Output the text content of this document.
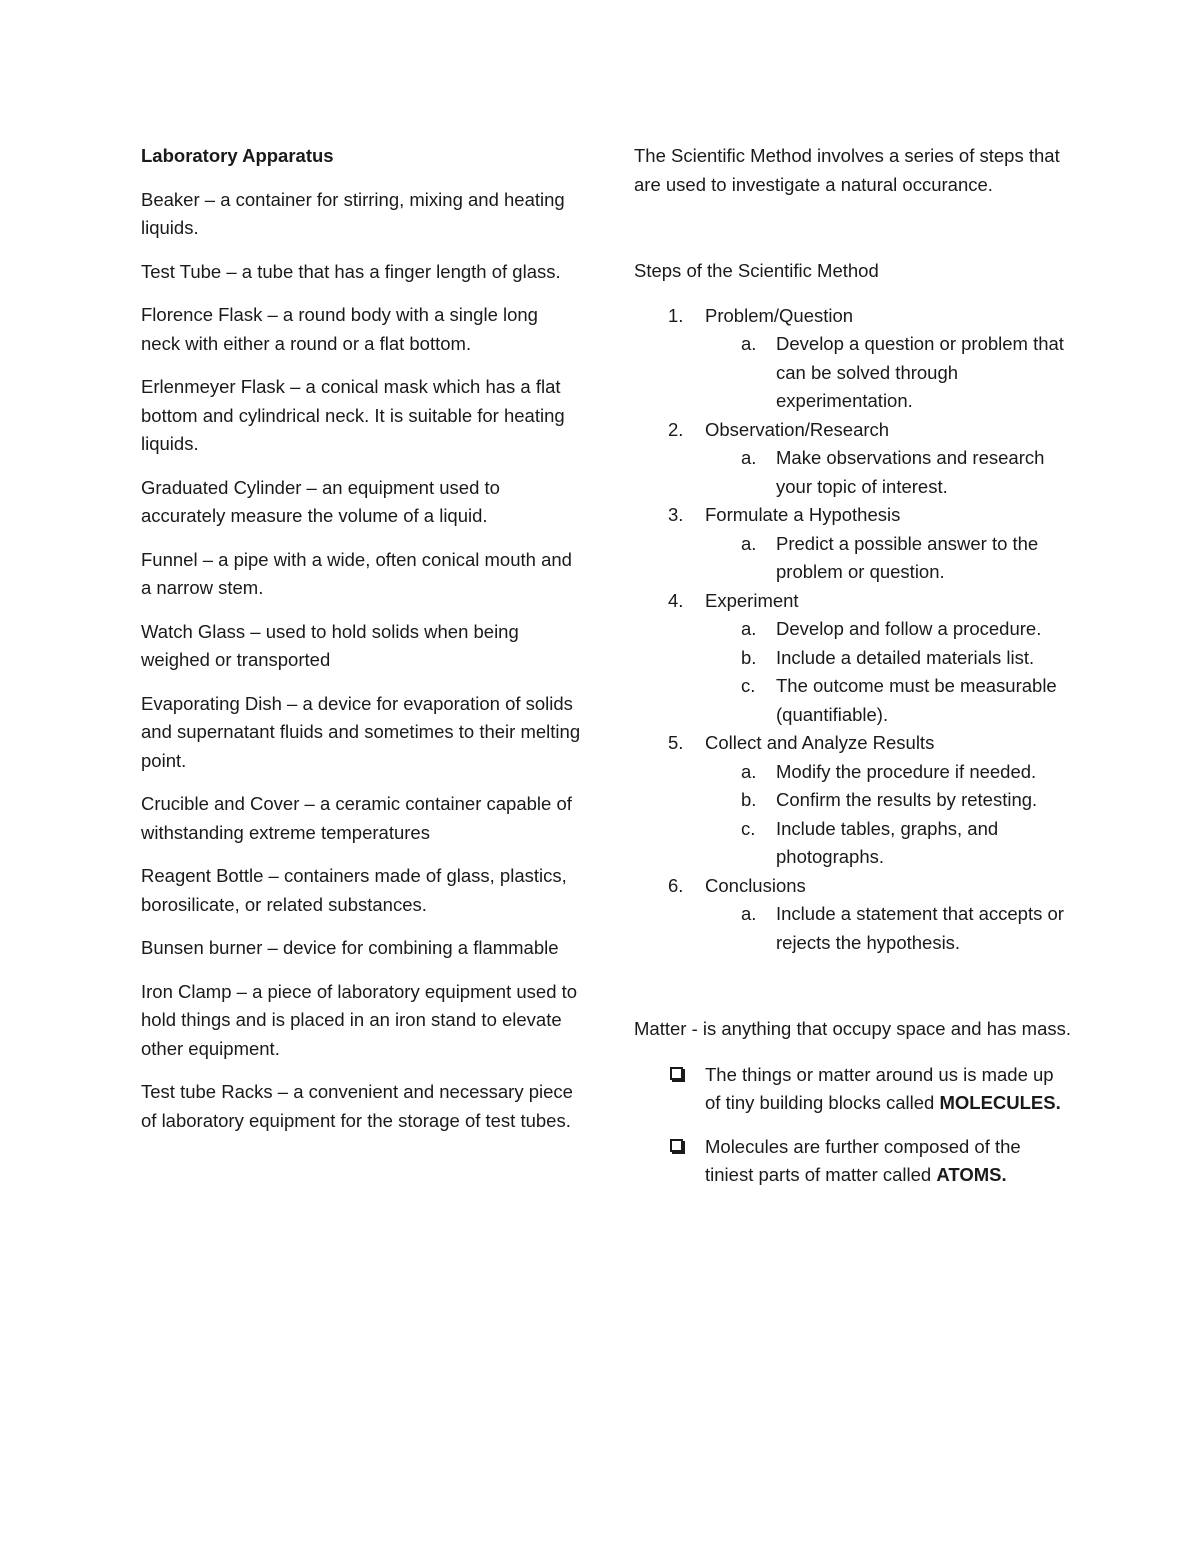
Laboratory Apparatus

Beaker – a container for stirring, mixing and heating liquids.

Test Tube – a tube that has a finger length of glass.

Florence Flask – a round body with a single long neck with either a round or a flat bottom.

Erlenmeyer Flask – a conical mask which has a flat bottom and cylindrical neck. It is suitable for heating liquids.

Graduated Cylinder – an equipment used to accurately measure the volume of a liquid.

Funnel – a pipe with a wide, often conical mouth and a narrow stem.

Watch Glass – used to hold solids when being weighed or transported

Evaporating Dish – a device for evaporation of solids and supernatant fluids and sometimes to their melting point.

Crucible and Cover – a ceramic container capable of withstanding extreme temperatures

Reagent Bottle – containers made of glass, plastics, borosilicate, or related substances.

Bunsen burner – device for combining a flammable

Iron Clamp – a piece of laboratory equipment used to hold things and is placed in an iron stand to elevate other equipment.

Test tube Racks – a convenient and necessary piece of laboratory equipment for the storage of test tubes.

The Scientific Method involves a series of steps that are used to investigate a natural occurance.

Steps of the Scientific Method

1. Problem/Question
a. Develop a question or problem that can be solved through experimentation.
2. Observation/Research
a. Make observations and research your topic of interest.
3. Formulate a Hypothesis
a. Predict a possible answer to the problem or question.
4. Experiment
a. Develop and follow a procedure.
b. Include a detailed materials list.
c. The outcome must be measurable (quantifiable).
5. Collect and Analyze Results
a. Modify the procedure if needed.
b. Confirm the results by retesting.
c. Include tables, graphs, and photographs.
6. Conclusions
a. Include a statement that accepts or rejects the hypothesis.

Matter - is anything that occupy space and has mass.

The things or matter around us is made up of tiny building blocks called MOLECULES.
Molecules are further composed of the tiniest parts of matter called ATOMS.
